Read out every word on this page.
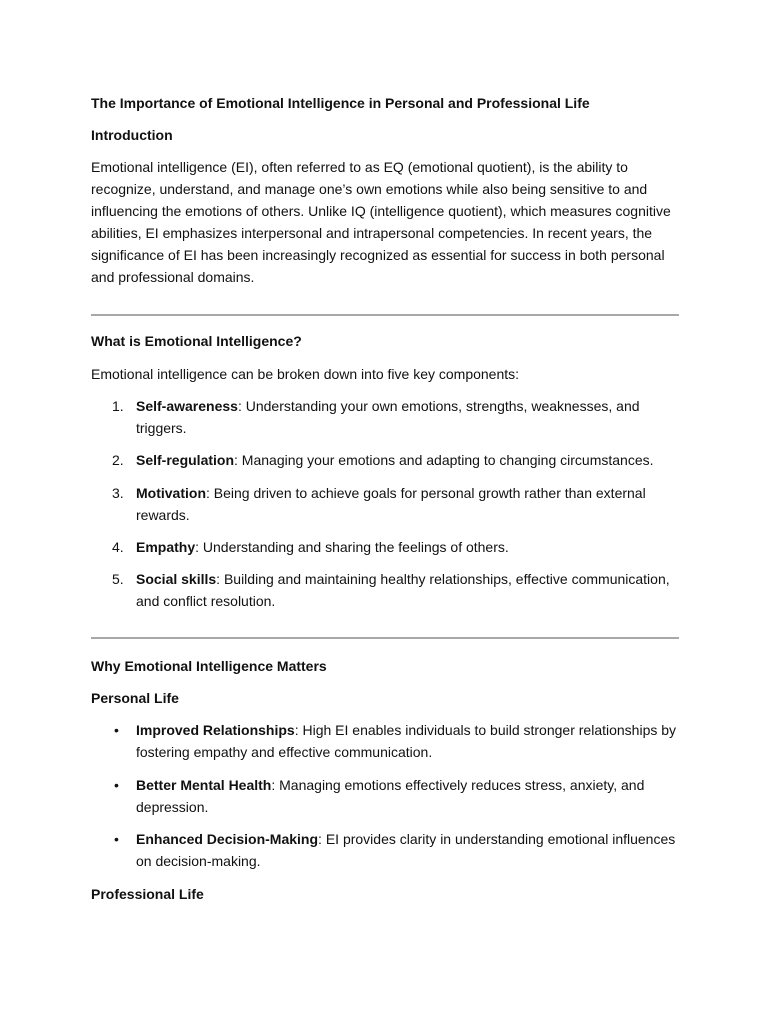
The Importance of Emotional Intelligence in Personal and Professional Life

Introduction

Emotional intelligence (EI), often referred to as EQ (emotional quotient), is the ability to recognize, understand, and manage one’s own emotions while also being sensitive to and influencing the emotions of others. Unlike IQ (intelligence quotient), which measures cognitive abilities, EI emphasizes interpersonal and intrapersonal competencies. In recent years, the significance of EI has been increasingly recognized as essential for success in both personal and professional domains.

What is Emotional Intelligence?

Emotional intelligence can be broken down into five key components:

1. Self-awareness: Understanding your own emotions, strengths, weaknesses, and triggers.
2. Self-regulation: Managing your emotions and adapting to changing circumstances.
3. Motivation: Being driven to achieve goals for personal growth rather than external rewards.
4. Empathy: Understanding and sharing the feelings of others.
5. Social skills: Building and maintaining healthy relationships, effective communication, and conflict resolution.

Why Emotional Intelligence Matters

Personal Life

• Improved Relationships: High EI enables individuals to build stronger relationships by fostering empathy and effective communication.
• Better Mental Health: Managing emotions effectively reduces stress, anxiety, and depression.
• Enhanced Decision-Making: EI provides clarity in understanding emotional influences on decision-making.

Professional Life
